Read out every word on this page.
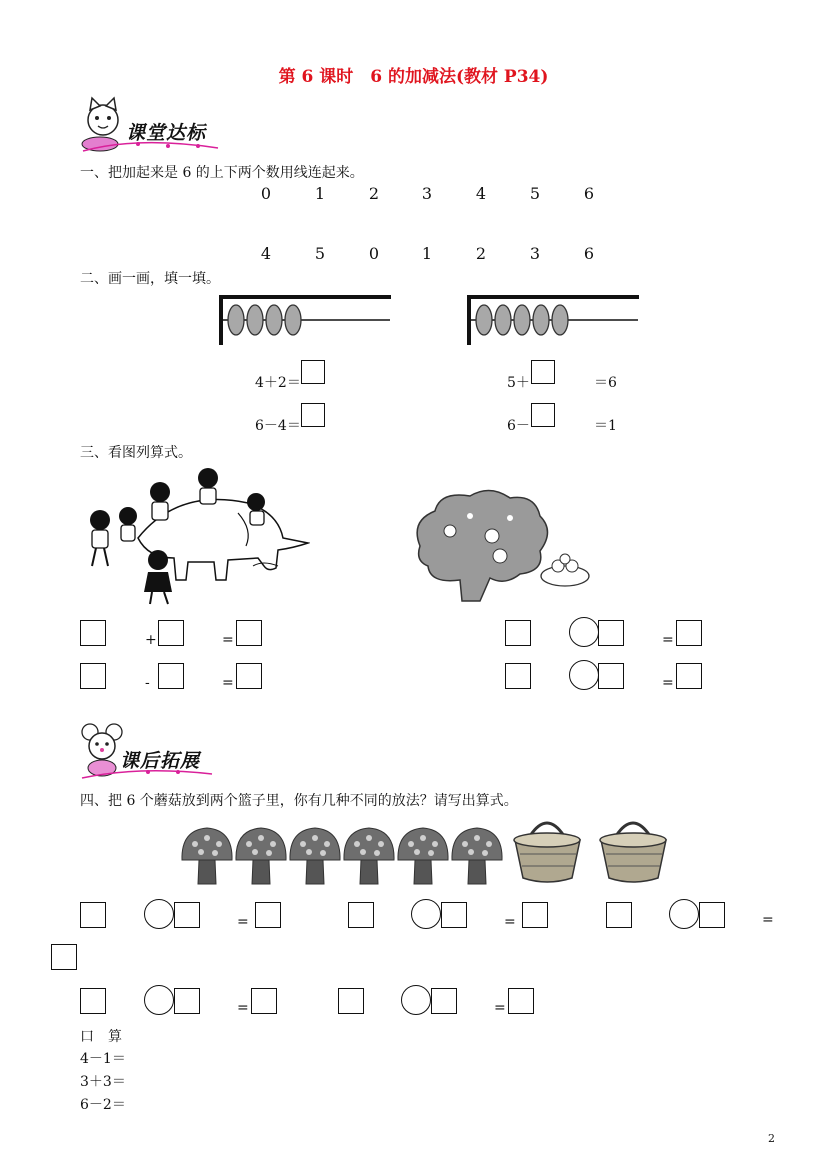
第 6 课时　6 的加减法(教材 P34)
课堂达标
一、把加起来是 6 的上下两个数用线连起来。
0	1	2	3	4	5	6
4	5	0	1	2	3	6
二、画一画，填一填。
4＋2＝
6－4＝
5＋	＝6
6－	＝1
三、看图列算式。
+	=
-	=
=
=
课后拓展
四、把 6 个蘑菇放到两个篮子里，你有几种不同的放法？请写出算式。
=	=	=
=	=
口　算
4－1＝
3＋3＝
6－2＝
2
